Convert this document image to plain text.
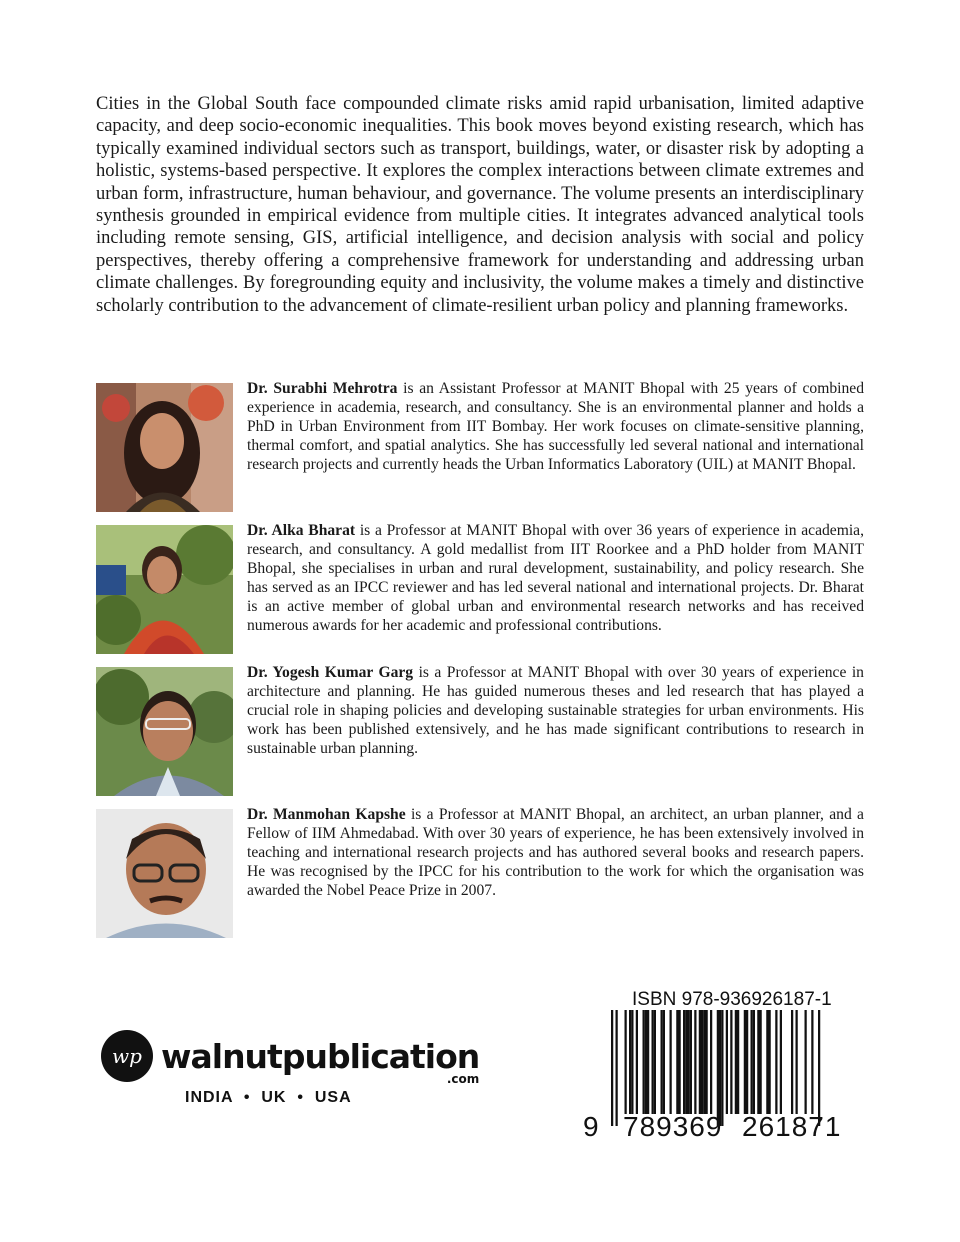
Cities in the Global South face compounded climate risks amid rapid urbanisation, limited adaptive capacity, and deep socio-economic inequalities. This book moves beyond existing research, which has typically examined individual sectors such as transport, buildings, water, or disaster risk by adopting a holistic, systems-based perspective. It explores the complex interactions between climate extremes and urban form, infrastructure, human behaviour, and governance. The volume presents an interdisciplinary synthesis grounded in empirical evidence from multiple cities. It integrates advanced analytical tools including remote sensing, GIS, artificial intelligence, and decision analysis with social and policy perspectives, thereby offering a comprehensive framework for understanding and addressing urban climate challenges. By foregrounding equity and inclusivity, the volume makes a timely and distinctive scholarly contribution to the advancement of climate-resilient urban policy and planning frameworks.

Dr. Surabhi Mehrotra is an Assistant Professor at MANIT Bhopal with 25 years of combined experience in academia, research, and consultancy. She is an environmental planner and holds a PhD in Urban Environment from IIT Bombay. Her work focuses on climate-sensitive planning, thermal comfort, and spatial analytics. She has successfully led several national and international research projects and currently heads the Urban Informatics Laboratory (UIL) at MANIT Bhopal.
Dr. Alka Bharat is a Professor at MANIT Bhopal with over 36 years of experience in academia, research, and consultancy. A gold medallist from IIT Roorkee and a PhD holder from MANIT Bhopal, she specialises in urban and rural development, sustainability, and policy research. She has served as an IPCC reviewer and has led several national and international projects. Dr. Bharat is an active member of global urban and environmental research networks and has received numerous awards for her academic and professional contributions.
Dr. Yogesh Kumar Garg is a Professor at MANIT Bhopal with over 30 years of experience in architecture and planning. He has guided numerous theses and led research that has played a crucial role in shaping policies and developing sustainable strategies for urban environments. His work has been published extensively, and he has made significant contributions to research in sustainable urban planning.
Dr. Manmohan Kapshe is a Professor at MANIT Bhopal, an architect, an urban planner, and a Fellow of IIM Ahmedabad. With over 30 years of experience, he has been extensively involved in teaching and international research projects and has authored several books and research papers. He was recognised by the IPCC for his contribution to the work for which the organisation was awarded the Nobel Peace Prize in 2007.
wp walnutpublication
.com
INDIA  •  UK  •  USA
ISBN 978-936926187-1
9 789369 261871
